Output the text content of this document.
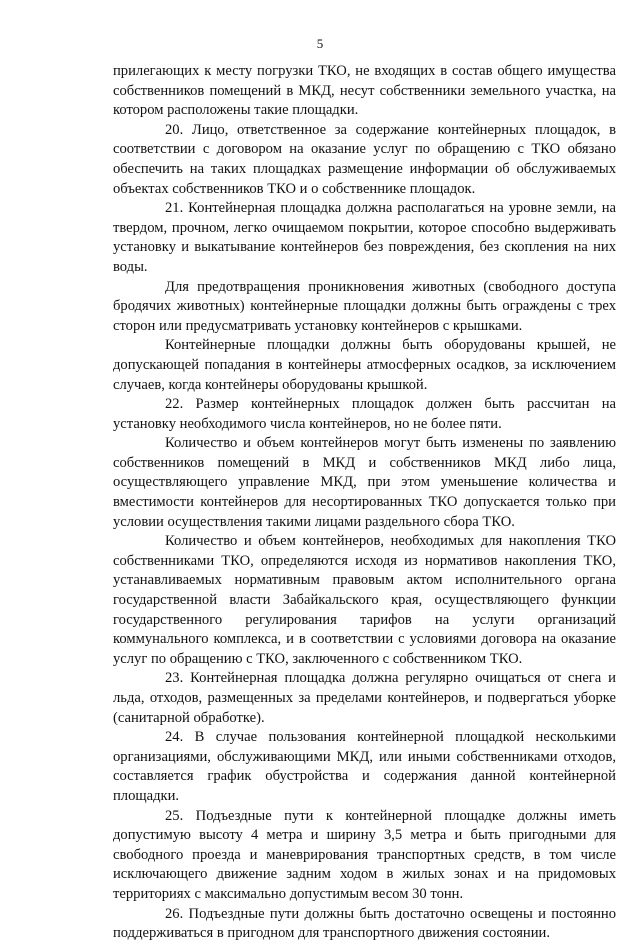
5

прилегающих к месту погрузки ТКО, не входящих в состав общего имущества собственников помещений в МКД, несут собственники земельного участка, на котором расположены такие площадки.

20. Лицо, ответственное за содержание контейнерных площадок, в соответствии с договором на оказание услуг по обращению с ТКО обязано обеспечить на таких площадках размещение информации об обслуживаемых объектах собственников ТКО и о собственнике площадок.

21. Контейнерная площадка должна располагаться на уровне земли, на твердом, прочном, легко очищаемом покрытии, которое способно выдерживать установку и выкатывание контейнеров без повреждения, без скопления на них воды.

Для предотвращения проникновения животных (свободного доступа бродячих животных) контейнерные площадки должны быть ограждены с трех сторон или предусматривать установку контейнеров с крышками.

Контейнерные площадки должны быть оборудованы крышей, не допускающей попадания в контейнеры атмосферных осадков, за исключением случаев, когда контейнеры оборудованы крышкой.

22. Размер контейнерных площадок должен быть рассчитан на установку необходимого числа контейнеров, но не более пяти.

Количество и объем контейнеров могут быть изменены по заявлению собственников помещений в МКД и собственников МКД либо лица, осуществляющего управление МКД, при этом уменьшение количества и вместимости контейнеров для несортированных ТКО допускается только при условии осуществления такими лицами раздельного сбора ТКО.

Количество и объем контейнеров, необходимых для накопления ТКО собственниками ТКО, определяются исходя из нормативов накопления ТКО, устанавливаемых нормативным правовым актом исполнительного органа государственной власти Забайкальского края, осуществляющего функции государственного регулирования тарифов на услуги организаций коммунального комплекса, и в соответствии с условиями договора на оказание услуг по обращению с ТКО, заключенного с собственником ТКО.

23. Контейнерная площадка должна регулярно очищаться от снега и льда, отходов, размещенных за пределами контейнеров, и подвергаться уборке (санитарной обработке).

24. В случае пользования контейнерной площадкой несколькими организациями, обслуживающими МКД, или иными собственниками отходов, составляется график обустройства и содержания данной контейнерной площадки.

25. Подъездные пути к контейнерной площадке должны иметь допустимую высоту 4 метра и ширину 3,5 метра и быть пригодными для свободного проезда и маневрирования транспортных средств, в том числе исключающего движение задним ходом в жилых зонах и на придомовых территориях с максимально допустимым весом 30 тонн.

26. Подъездные пути должны быть достаточно освещены и постоянно поддерживаться в пригодном для транспортного движения состоянии.
